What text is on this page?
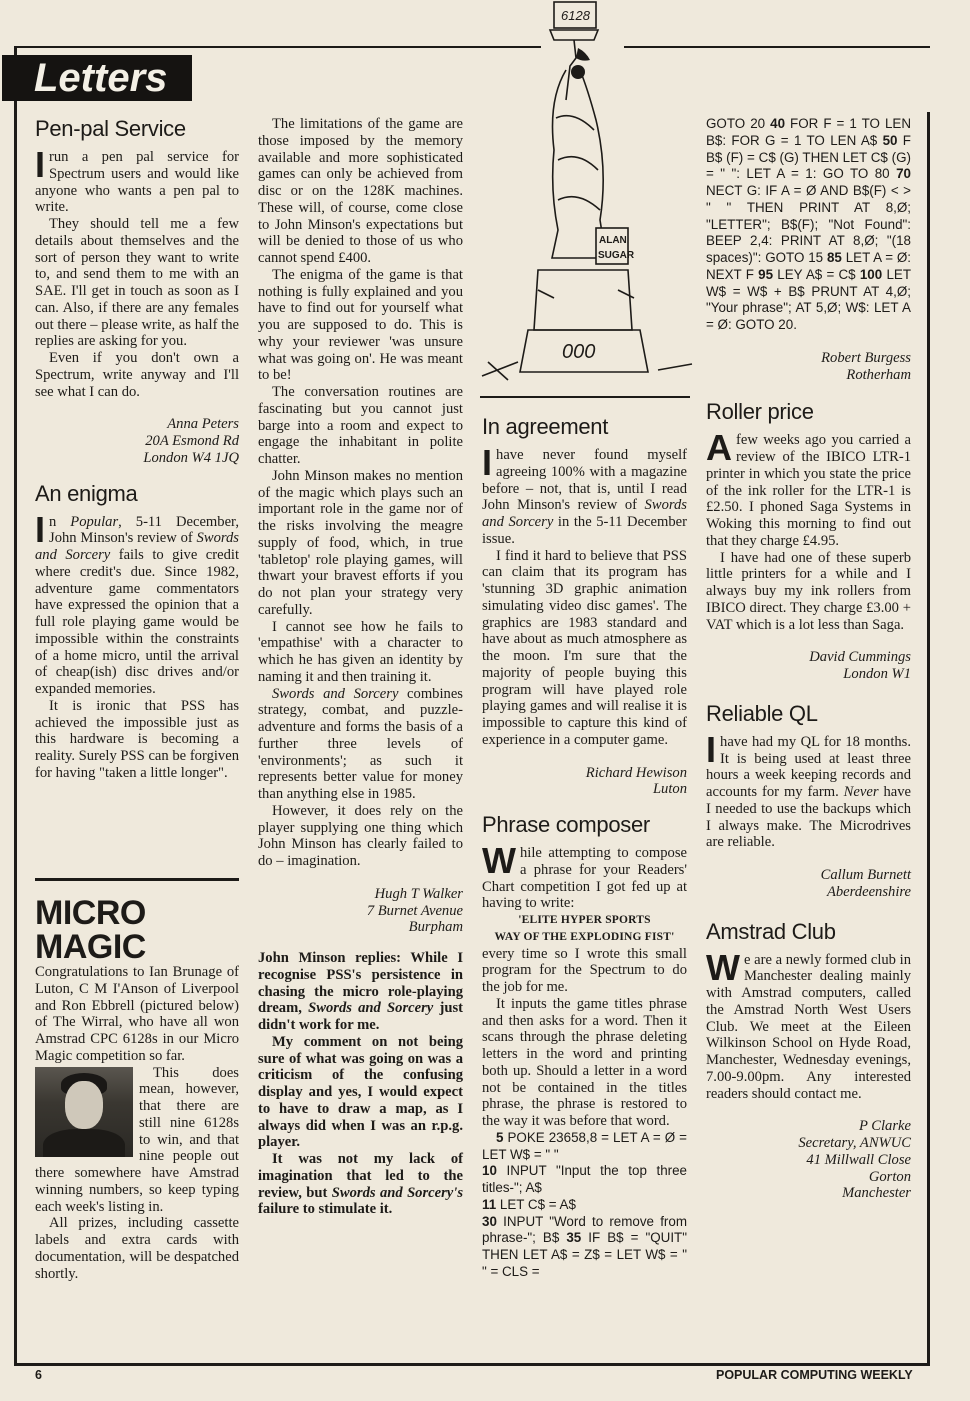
Letters
6128
ALAN
SUGAR
000
Pen-pal Service

Irun a pen pal service for Spectrum users and would like anyone who wants a pen pal to write.

They should tell me a few details about themselves and the sort of person they want to write to, and send them to me with an SAE. I'll get in touch as soon as I can. Also, if there are any females out there – please write, as half the replies are asking for you.

Even if you don't own a Spectrum, write anyway and I'll see what I can do.

Anna Peters
20A Esmond Rd
London W4 1JQ
An enigma

In Popular, 5-11 December, John Minson's review of Swords and Sorcery fails to give credit where credit's due. Since 1982, adventure game commentators have expressed the opinion that a full role playing game would be impossible within the constraints of a home micro, until the arrival of cheap(ish) disc drives and/or expanded memories.

It is ironic that PSS has achieved the impossible just as this hardware is becoming a reality. Surely PSS can be forgiven for having "taken a little longer".

MICRO
MAGIC

Congratulations to Ian Brunage of Luton, C M I'Anson of Liverpool and Ron Ebbrell (pictured below) of The Wirral, who have all won Amstrad CPC 6128s in our Micro Magic competition so far.

This does mean, however, that there are still nine 6128s to win, and that nine people out there somewhere have Amstrad winning numbers, so keep typing each week's listing in.

All prizes, including cassette labels and extra cards with documentation, will be despatched shortly.

The limitations of the game are those imposed by the memory available and more sophisticated games can only be achieved from disc or on the 128K machines. These will, of course, come close to John Minson's expectations but will be denied to those of us who cannot spend £400.

The enigma of the game is that nothing is fully explained and you have to find out for yourself what you are supposed to do. This is why your reviewer 'was unsure what was going on'. He was meant to be!

The conversation routines are fascinating but you cannot just barge into a room and expect to engage the inhabitant in polite chatter.

John Minson makes no mention of the magic which plays such an important role in the game nor of the risks involving the meagre supply of food, which, in true 'tabletop' role playing games, will thwart your bravest efforts if you do not plan your strategy very carefully.

I cannot see how he fails to 'empathise' with a character to which he has given an identity by naming it and then training it.

Swords and Sorcery combines strategy, combat, and puzzle-adventure and forms the basis of a further three levels of 'environments'; as such it represents better value for money than anything else in 1985.

However, it does rely on the player supplying one thing which John Minson has clearly failed to do – imagination.

Hugh T Walker
7 Burnet Avenue
Burpham

John Minson replies: While I recognise PSS's persistence in chasing the micro role-playing dream, Swords and Sorcery just didn't work for me.

My comment on not being sure of what was going on was a criticism of the confusing display and yes, I would expect to have to draw a map, as I always did when I was an r.p.g. player.

It was not my lack of imagination that led to the review, but Swords and Sorcery's failure to stimulate it.

In agreement

Ihave never found myself agreeing 100% with a magazine before – not, that is, until I read John Minson's review of Swords and Sorcery in the 5-11 December issue.

I find it hard to believe that PSS can claim that its program has 'stunning 3D graphic animation simulating video disc games'. The graphics are 1983 standard and have about as much atmosphere as the moon. I'm sure that the majority of people buying this program will have played role playing games and will realise it is impossible to capture this kind of experience in a computer game.

Richard Hewison
Luton
Phrase composer

While attempting to compose a phrase for your Readers' Chart competition I got fed up at having to write:

'ELITE HYPER SPORTS
WAY OF THE EXPLODING FIST'

every time so I wrote this small program for the Spectrum to do the job for me.

It inputs the game titles phrase and then asks for a word. Then it scans through the phrase deleting letters in the word and printing both up. Should a letter in a word not be contained in the titles phrase, the phrase is restored to the way it was before that word.

5 POKE 23658,8 = LET A = Ø = LET W$ = " "

10 INPUT "Input the top three titles-"; A$

11 LET C$ = A$

30 INPUT "Word to remove from phrase-"; B$ 35 IF B$ = "QUIT" THEN LET A$ = Z$ = LET W$ = " " = CLS =

GOTO 20 40 FOR F = 1 TO LEN B$: FOR G = 1 TO LEN A$ 50 F B$ (F) = C$ (G) THEN LET C$ (G) = " ": LET A = 1: GO TO 80 70 NECT G: IF A = Ø AND B$(F) < > " " THEN PRINT AT 8,Ø; "LETTER"; B$(F); "Not Found": BEEP 2,4: PRINT AT 8,Ø; "(18 spaces)": GOTO 15 85 LET A = Ø: NEXT F 95 LEY A$ = C$ 100 LET W$ = W$ + B$ PRUNT AT 4,Ø; "Your phrase"; AT 5,Ø; W$: LET A = Ø: GOTO 20.

Robert Burgess
Rotherham
Roller price

Afew weeks ago you carried a review of the IBICO LTR-1 printer in which you state the price of the ink roller for the LTR-1 is £2.50. I phoned Saga Systems in Woking this morning to find out that they charge £4.95.

I have had one of these superb little printers for a while and I always buy my ink rollers from IBICO direct. They charge £3.00 + VAT which is a lot less than Saga.

David Cummings
London W1
Reliable QL

I have had my QL for 18 months. It is being used at least three hours a week keeping records and accounts for my farm. Never have I needed to use the backups which I always make. The Microdrives are reliable.

Callum Burnett
Aberdeenshire
Amstrad Club

We are a newly formed club in Manchester dealing mainly with Amstrad computers, called the Amstrad North West Users Club. We meet at the Eileen Wilkinson School on Hyde Road, Manchester, Wednesday evenings, 7.00-9.00pm. Any interested readers should contact me.

P Clarke
Secretary, ANWUC
41 Millwall Close
Gorton
Manchester
6	POPULAR COMPUTING WEEKLY
